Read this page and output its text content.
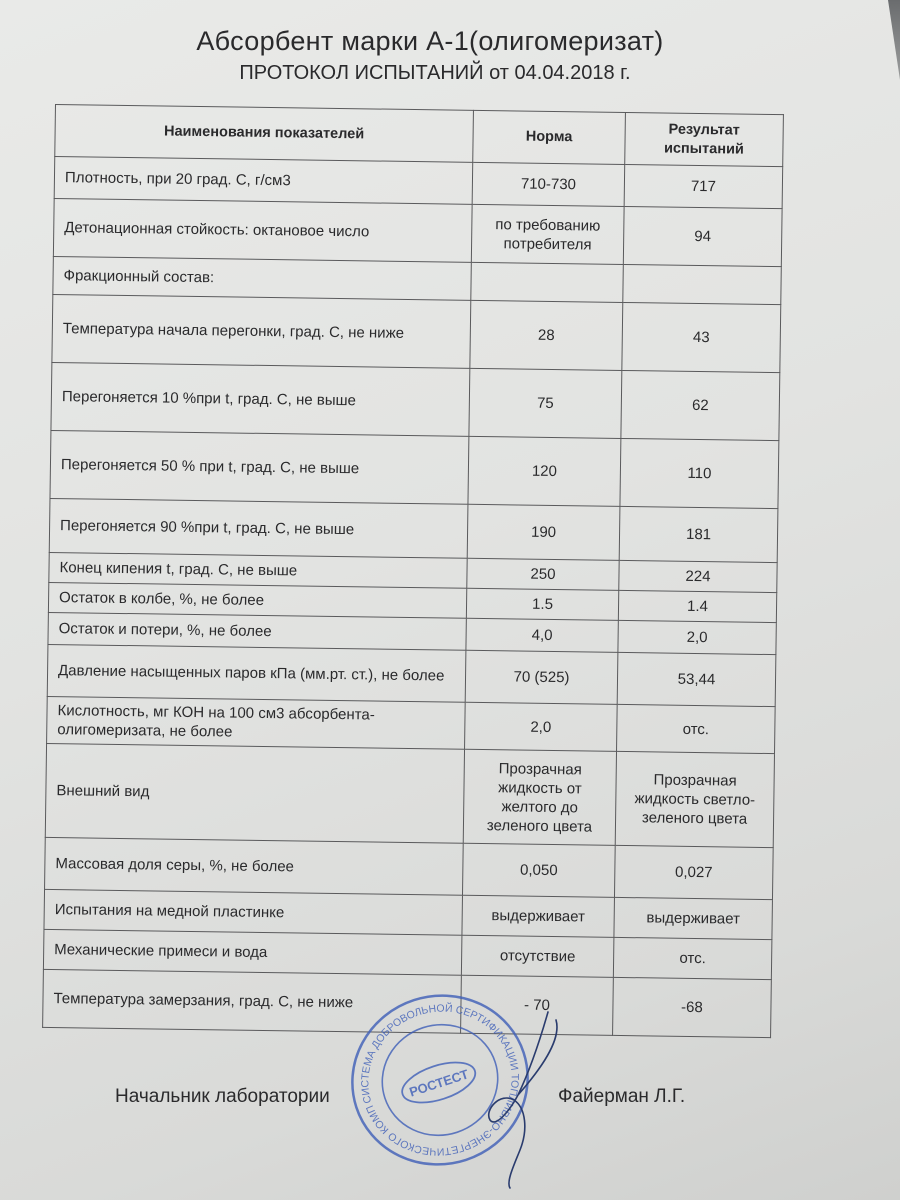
Абсорбент марки А-1(олигомеризат)
ПРОТОКОЛ ИСПЫТАНИЙ от 04.04.2018 г.
Наименования показателей	Норма	Результат испытаний
Плотность, при 20 град. С, г/см3	710-730	717
Детонационная стойкость: октановое число	по требованию потребителя	94
Фракционный состав:		
Температура начала перегонки, град. С, не ниже	28	43
Перегоняется 10 %при t, град. С, не выше	75	62
Перегоняется 50 % при t, град. С, не выше	120	110
Перегоняется 90 %при t, град. С, не выше	190	181
Конец кипения t, град. С, не выше	250	224
Остаток в колбе, %, не более	1.5	1.4
Остаток и потери, %, не более	4,0	2,0
Давление насыщенных паров кПа (мм.рт. ст.), не более	70 (525)	53,44
Кислотность, мг КОН на 100 см3 абсорбента-олигомеризата, не более	2,0	отс.
Внешний вид	Прозрачная жидкость от желтого до зеленого цвета	Прозрачная жидкость светло-зеленого цвета
Массовая доля серы, %, не более	0,050	0,027
Испытания на медной пластинке	выдерживает	выдерживает
Механические примеси и вода	отсутствие	отс.
Температура замерзания, град. С, не ниже	- 70	-68
Начальник лаборатории	Файерман Л.Г.
СИСТЕМА ДОБРОВОЛЬНОЙ СЕРТИФИКАЦИИ ТОПЛИВНО-ЭНЕРГЕТИЧЕСКОГО КОМПЛЕКСА
РОСТЕСТ
